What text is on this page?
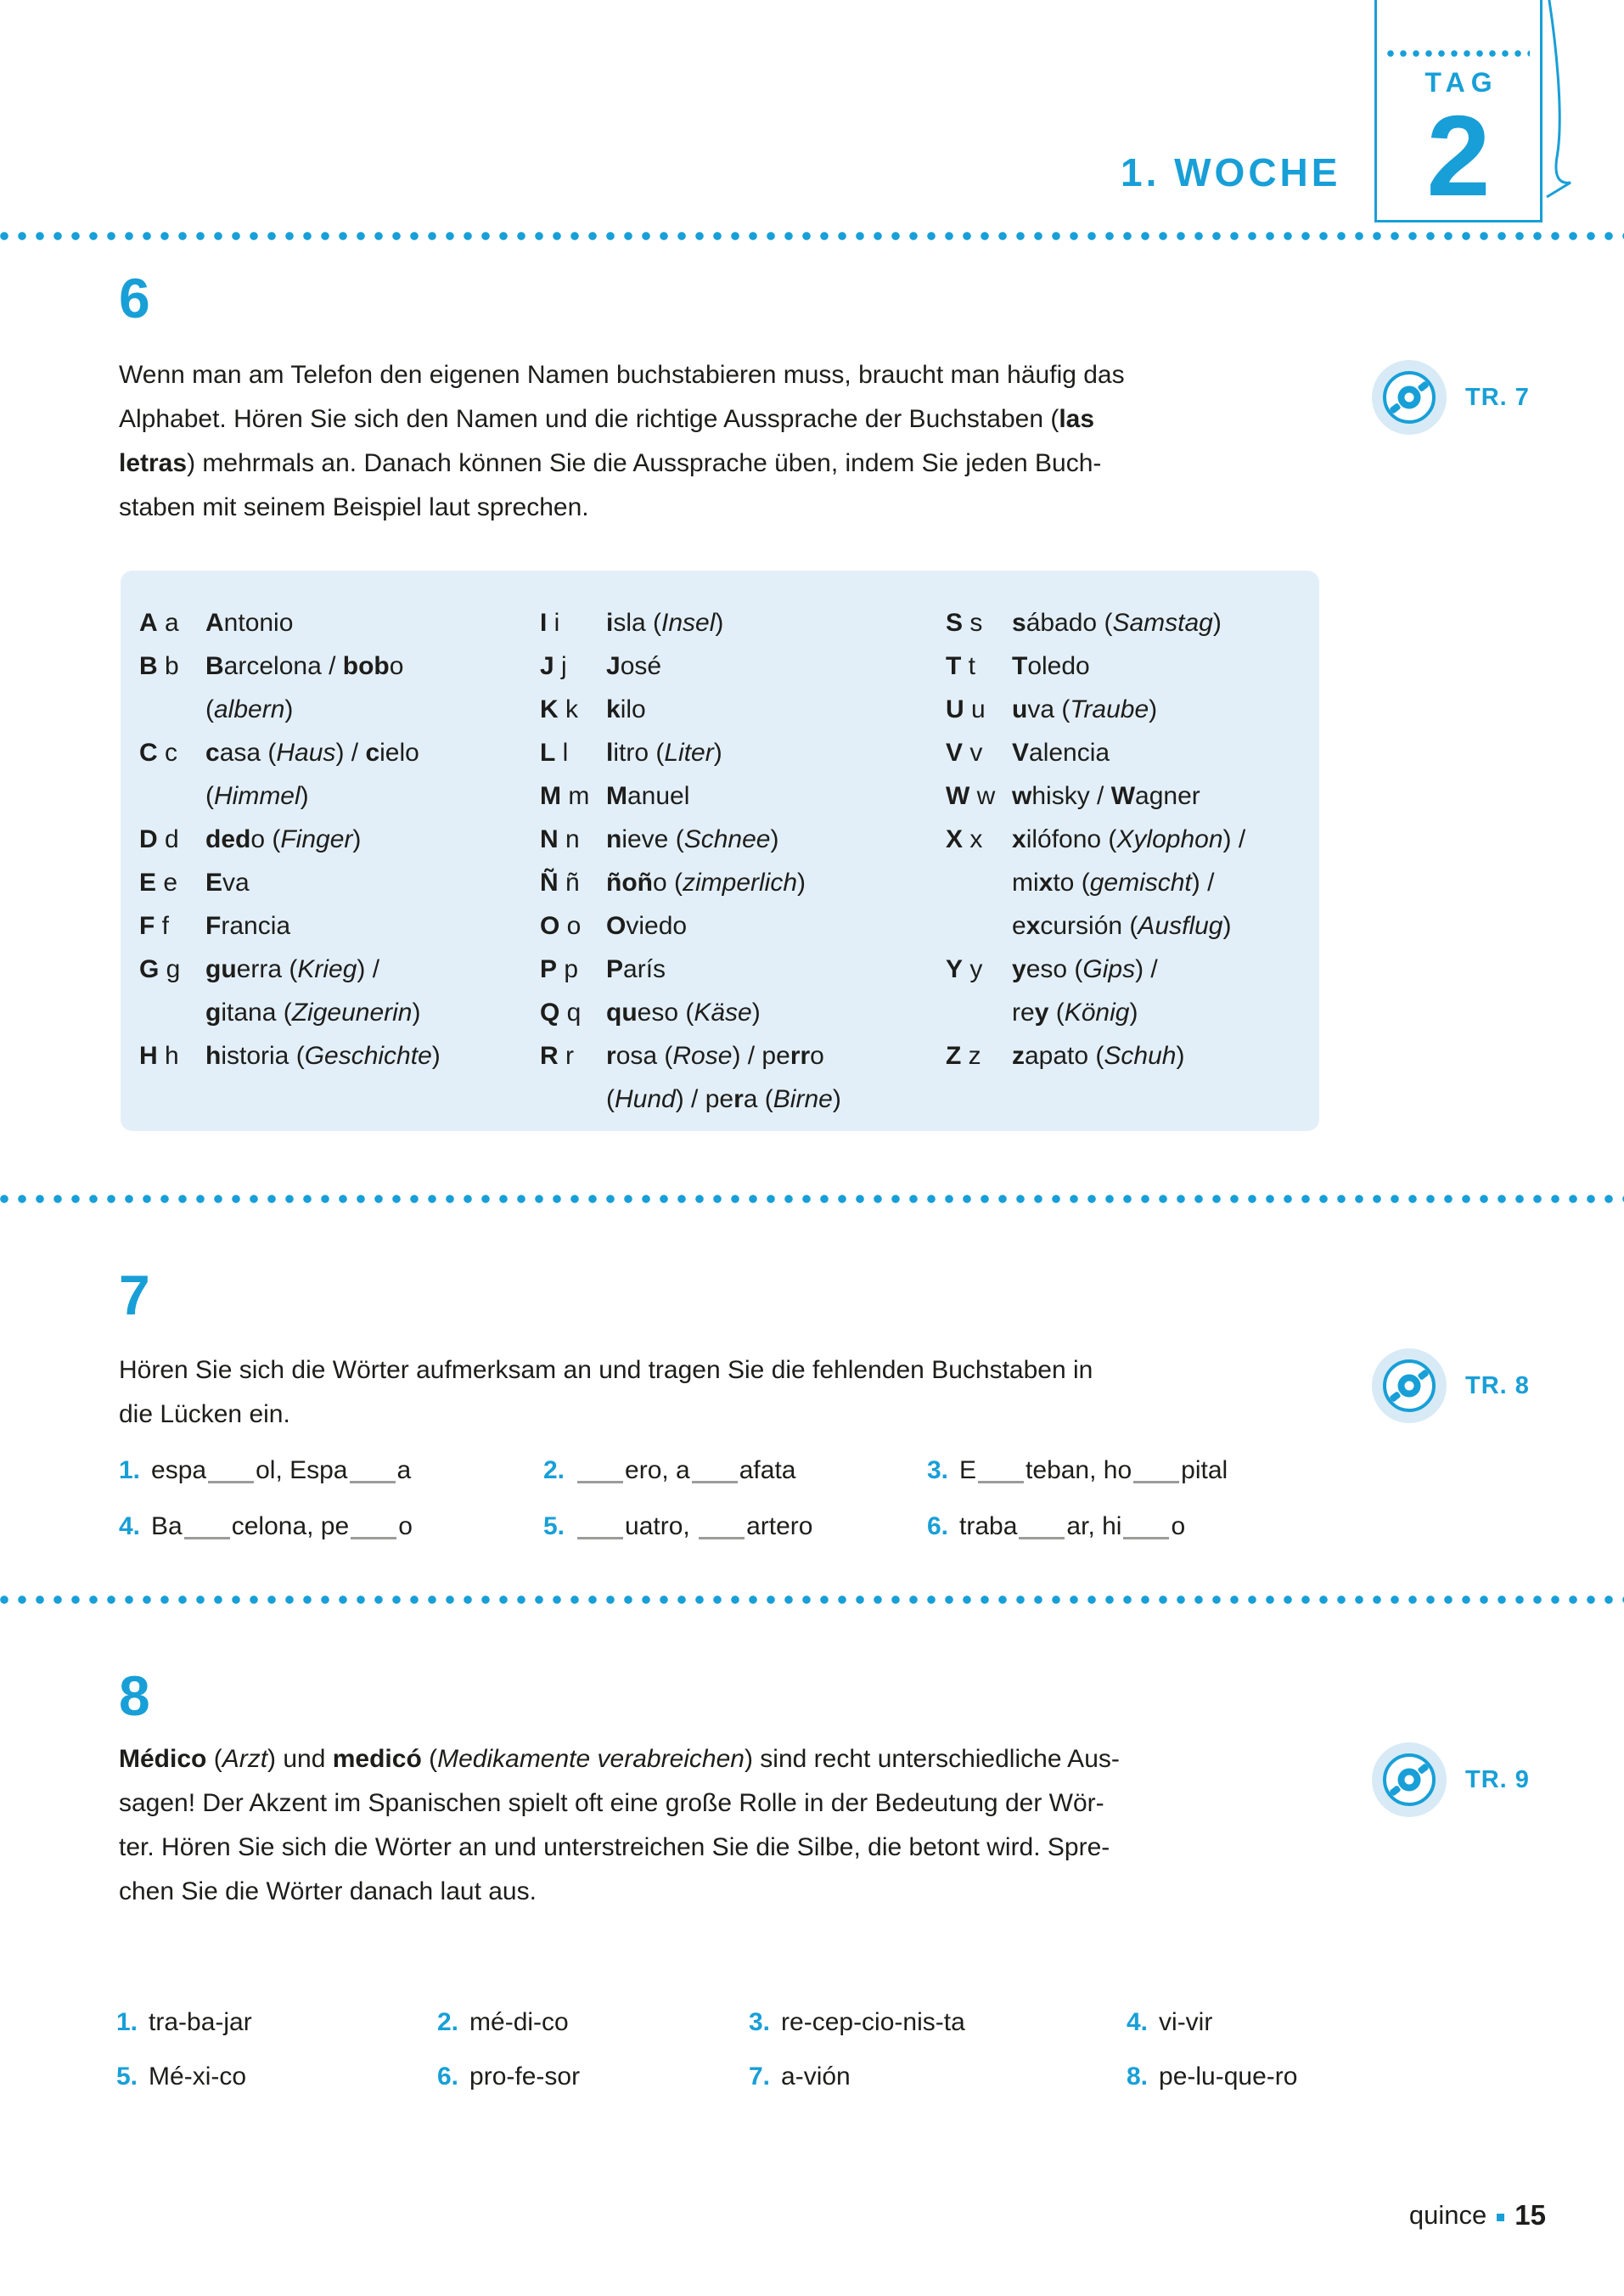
1. WOCHE
TAG
2
6
Wenn man am Telefon den eigenen Namen buchstabieren muss, braucht man häufig das
Alphabet. Hören Sie sich den Namen und die richtige Aussprache der Buchstaben (las
letras) mehrmals an. Danach können Sie die Aussprache üben, indem Sie jeden Buch-
staben mit seinem Beispiel laut sprechen.
TR. 7
A a	Antonio
B b	Barcelona / bobo
(albern)
C c	casa (Haus) / cielo
(Himmel)
D d	dedo (Finger)
E e	Eva
F f	Francia
G g guerra (Krieg) /
gitana (Zigeunerin)
H h	historia (Geschichte)
I i	isla (Insel)
J j	José
K k	kilo
L l	litro (Liter)
M m Manuel
N n	nieve (Schnee)
Ñ ñ	ñoño (zimperlich)
O o Oviedo
P p	París
Q q queso (Käse)
R r	rosa (Rose) / perro
(Hund) / pera (Birne)
S s	sábado (Samstag)
T t	Toledo
U u	uva (Traube)
V v	Valencia
W w whisky / Wagner
X x	xilófono (Xylophon) /
mixto (gemischt) /
excursión (Ausflug)
Y y	yeso (Gips) /
rey (König)
Z z	zapato (Schuh)
7
Hören Sie sich die Wörter aufmerksam an und tragen Sie die fehlenden Buchstaben in
die Lücken ein.
TR. 8
1. espa ol, Espa a	2. ero, a afata	3. E teban, ho pital
4. Ba celona, pe o	5. uatro, artero	6. traba ar, hi o
8
Médico (Arzt) und medicó (Medikamente verabreichen) sind recht unterschiedliche Aus-
sagen! Der Akzent im Spanischen spielt oft eine große Rolle in der Bedeutung der Wör-
ter. Hören Sie sich die Wörter an und unterstreichen Sie die Silbe, die betont wird. Spre-
chen Sie die Wörter danach laut aus.
TR. 9
1. tra-ba-jar	2. mé-di-co	3. re-cep-cio-nis-ta	4. vi-vir
5. Mé-xi-co	6. pro-fe-sor	7. a-vión	8. pe-lu-que-ro
quince 15
